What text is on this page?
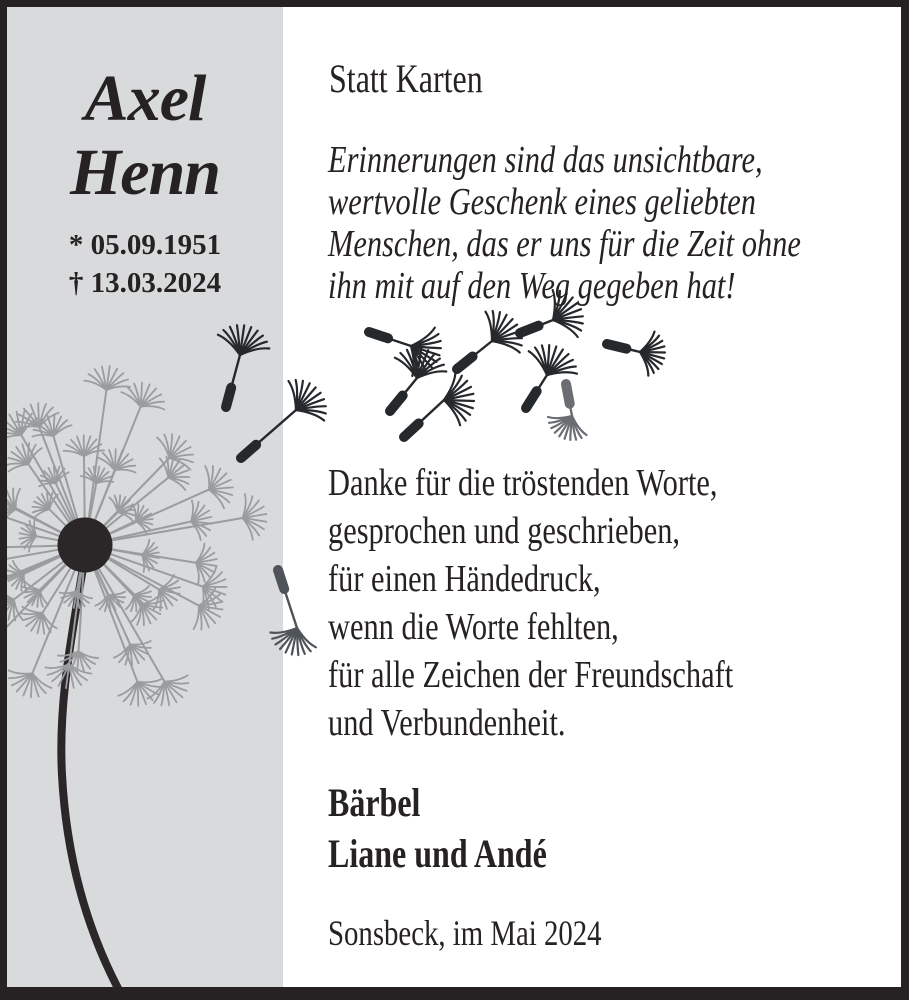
Axel
Henn
* 05.09.1951
† 13.03.2024
Statt Karten
Erinnerungen sind das unsichtbare,
wertvolle Geschenk eines geliebten
Menschen, das er uns für die Zeit ohne
ihn mit auf den Weg gegeben hat!
Danke für die tröstenden Worte,
gesprochen und geschrieben,
für einen Händedruck,
wenn die Worte fehlten,
für alle Zeichen der Freundschaft
und Verbundenheit.
Bärbel
Liane und Andé
Sonsbeck, im Mai 2024
